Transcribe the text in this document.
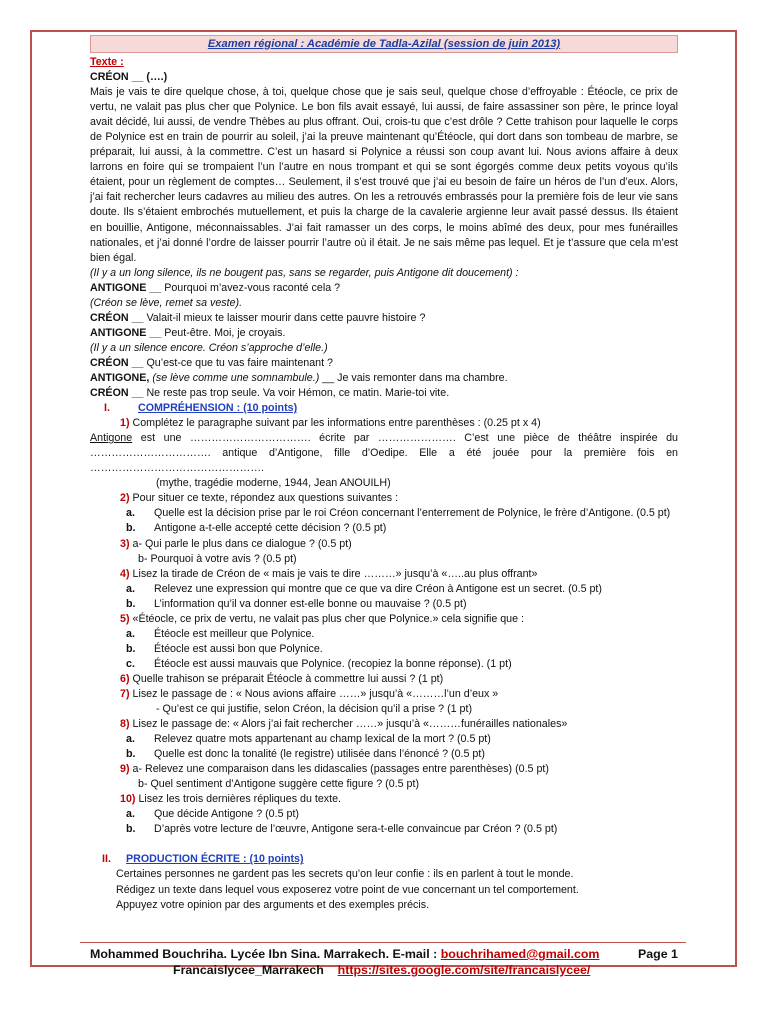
Examen régional : Académie de Tadla-Azilal (session de juin 2013)

Texte :

CRÉON __ (….)

Mais je vais te dire quelque chose, à toi, quelque chose que je sais seul, quelque chose d’effroyable : Étéocle, ce prix de vertu, ne valait pas plus cher que Polynice. Le bon fils avait essayé, lui aussi, de faire assassiner son père, le prince loyal avait décidé, lui aussi, de vendre Thèbes au plus offrant. Oui, crois-tu que c’est drôle ? Cette trahison pour laquelle le corps de Polynice est en train de pourrir au soleil, j’ai la preuve maintenant qu’Étéocle, qui dort dans son tombeau de marbre, se préparait, lui aussi, à la commettre. C’est un hasard si Polynice a réussi son coup avant lui. Nous avions affaire à deux larrons en foire qui se trompaient l’un l’autre en nous trompant et qui se sont égorgés comme deux petits voyous qu’ils étaient, pour un règlement de comptes… Seulement, il s’est trouvé que j’ai eu besoin de faire un héros de l’un d’eux. Alors, j’ai fait rechercher leurs cadavres au milieu des autres. On les a retrouvés embrassés pour la première fois de leur vie sans doute. Ils s’étaient embrochés mutuellement, et puis la charge de la cavalerie argienne leur avait passé dessus. Ils étaient en bouillie, Antigone, méconnaissables. J’ai fait ramasser un des corps, le moins abîmé des deux, pour mes funérailles nationales, et j’ai donné l’ordre de laisser pourrir l’autre où il était. Je ne sais même pas lequel. Et je t’assure que cela m’est bien égal.

(Il y a un long silence, ils ne bougent pas, sans se regarder, puis Antigone dit doucement) :

ANTIGONE __ Pourquoi m’avez-vous raconté cela ?

(Créon se lève, remet sa veste).

CRÉON __ Valait-il mieux te laisser mourir dans cette pauvre histoire ?

ANTIGONE __ Peut-être. Moi, je croyais.

(Il y a un silence encore. Créon s’approche d’elle.)

CRÉON __ Qu’est-ce que tu vas faire maintenant ?

ANTIGONE, (se lève comme une somnambule.) __ Je vais remonter dans ma chambre.

CRÉON __ Ne reste pas trop seule. Va voir Hémon, ce matin. Marie-toi vite.

I.	COMPRÉHENSION : (10 points)

1) Complétez le paragraphe suivant par les informations entre parenthèses : (0.25 pt x 4)

Antigone est une ……………………………. écrite par …………………. C’est une pièce de théâtre inspirée du ……………………………. antique d’Antigone, fille d’Oedipe. Elle a été jouée pour la première fois en ………………………………………….

(mythe, tragédie moderne, 1944, Jean ANOUILH)

2) Pour situer ce texte, répondez aux questions suivantes :

a.	Quelle est la décision prise par le roi Créon concernant l’enterrement de Polynice, le frère d’Antigone. (0.5 pt)
b.	Antigone a-t-elle accepté cette décision ? (0.5 pt)

3) a- Qui parle le plus dans ce dialogue ? (0.5 pt)

b- Pourquoi à votre avis ? (0.5 pt)

4) Lisez la tirade de Créon de « mais je vais te dire ………» jusqu’à «…..au plus offrant»

a.	Relevez une expression qui montre que ce que va dire Créon à Antigone est un secret. (0.5 pt)
b.	L’information qu’il va donner est-elle bonne ou mauvaise ? (0.5 pt)

5) «Étéocle, ce prix de vertu, ne valait pas plus cher que Polynice.» cela signifie que :

a.	Étéocle est meilleur que Polynice.
b.	Étéocle est aussi bon que Polynice.
c.	Étéocle est aussi mauvais que Polynice. (recopiez la bonne réponse). (1 pt)

6) Quelle trahison se préparait Étéocle à commettre lui aussi ? (1 pt)

7) Lisez le passage de : « Nous avions affaire ……» jusqu’à «………l’un d’eux »

- Qu’est ce qui justifie, selon Créon, la décision qu’il a prise ? (1 pt)

8) Lisez le passage de: « Alors j’ai fait rechercher ……» jusqu’à «………funérailles nationales»

a.	Relevez quatre mots appartenant au champ lexical de la mort ? (0.5 pt)
b.	Quelle est donc la tonalité (le registre) utilisée dans l’énoncé ? (0.5 pt)

9) a- Relevez une comparaison dans les didascalies (passages entre parenthèses) (0.5 pt)

b- Quel sentiment d’Antigone suggère cette figure ? (0.5 pt)

10) Lisez les trois dernières répliques du texte.

a.	Que décide Antigone ? (0.5 pt)
b.	D’après votre lecture de l’œuvre, Antigone sera-t-elle convaincue par Créon ? (0.5 pt)

II. PRODUCTION ÉCRITE : (10 points)

Certaines personnes ne gardent pas les secrets qu’on leur confie : ils en parlent à tout le monde.

Rédigez un texte dans lequel vous exposerez votre point de vue concernant un tel comportement.

Appuyez votre opinion par des arguments et des exemples précis.

Mohammed Bouchriha. Lycée Ibn Sina. Marrakech. E-mail : bouchrihamed@gmail.com	Page 1
Francaislycee_Marrakech https://sites.google.com/site/francaislycee/
